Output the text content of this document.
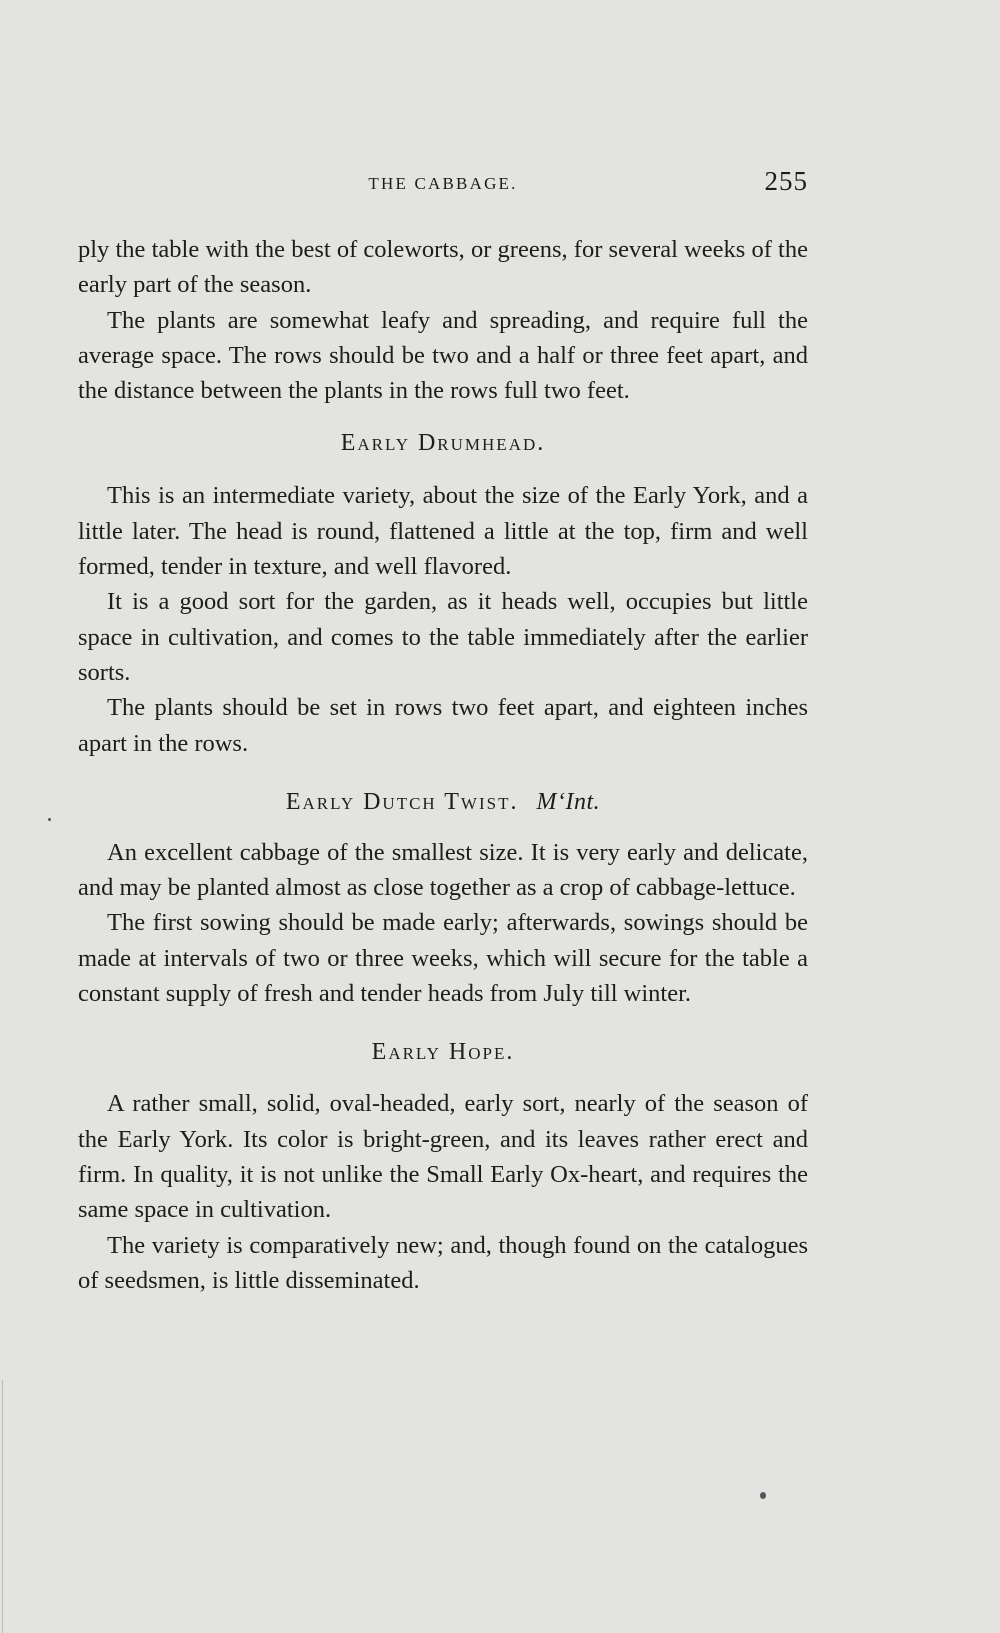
THE CABBAGE.	255

ply the table with the best of coleworts, or greens, for several weeks of the early part of the season.

The plants are somewhat leafy and spreading, and require full the average space. The rows should be two and a half or three feet apart, and the distance between the plants in the rows full two feet.

Early Drumhead.

This is an intermediate variety, about the size of the Early York, and a little later. The head is round, flattened a little at the top, firm and well formed, tender in texture, and well flavored.

It is a good sort for the garden, as it heads well, occupies but little space in cultivation, and comes to the table immediately after the earlier sorts.

The plants should be set in rows two feet apart, and eighteen inches apart in the rows.

Early Dutch Twist. M‘Int.

An excellent cabbage of the smallest size. It is very early and delicate, and may be planted almost as close together as a crop of cabbage-lettuce.

The first sowing should be made early; afterwards, sowings should be made at intervals of two or three weeks, which will secure for the table a constant supply of fresh and tender heads from July till winter.

Early Hope.

A rather small, solid, oval-headed, early sort, nearly of the season of the Early York. Its color is bright-green, and its leaves rather erect and firm. In quality, it is not unlike the Small Early Ox-heart, and requires the same space in cultivation.

The variety is comparatively new; and, though found on the catalogues of seedsmen, is little disseminated.
